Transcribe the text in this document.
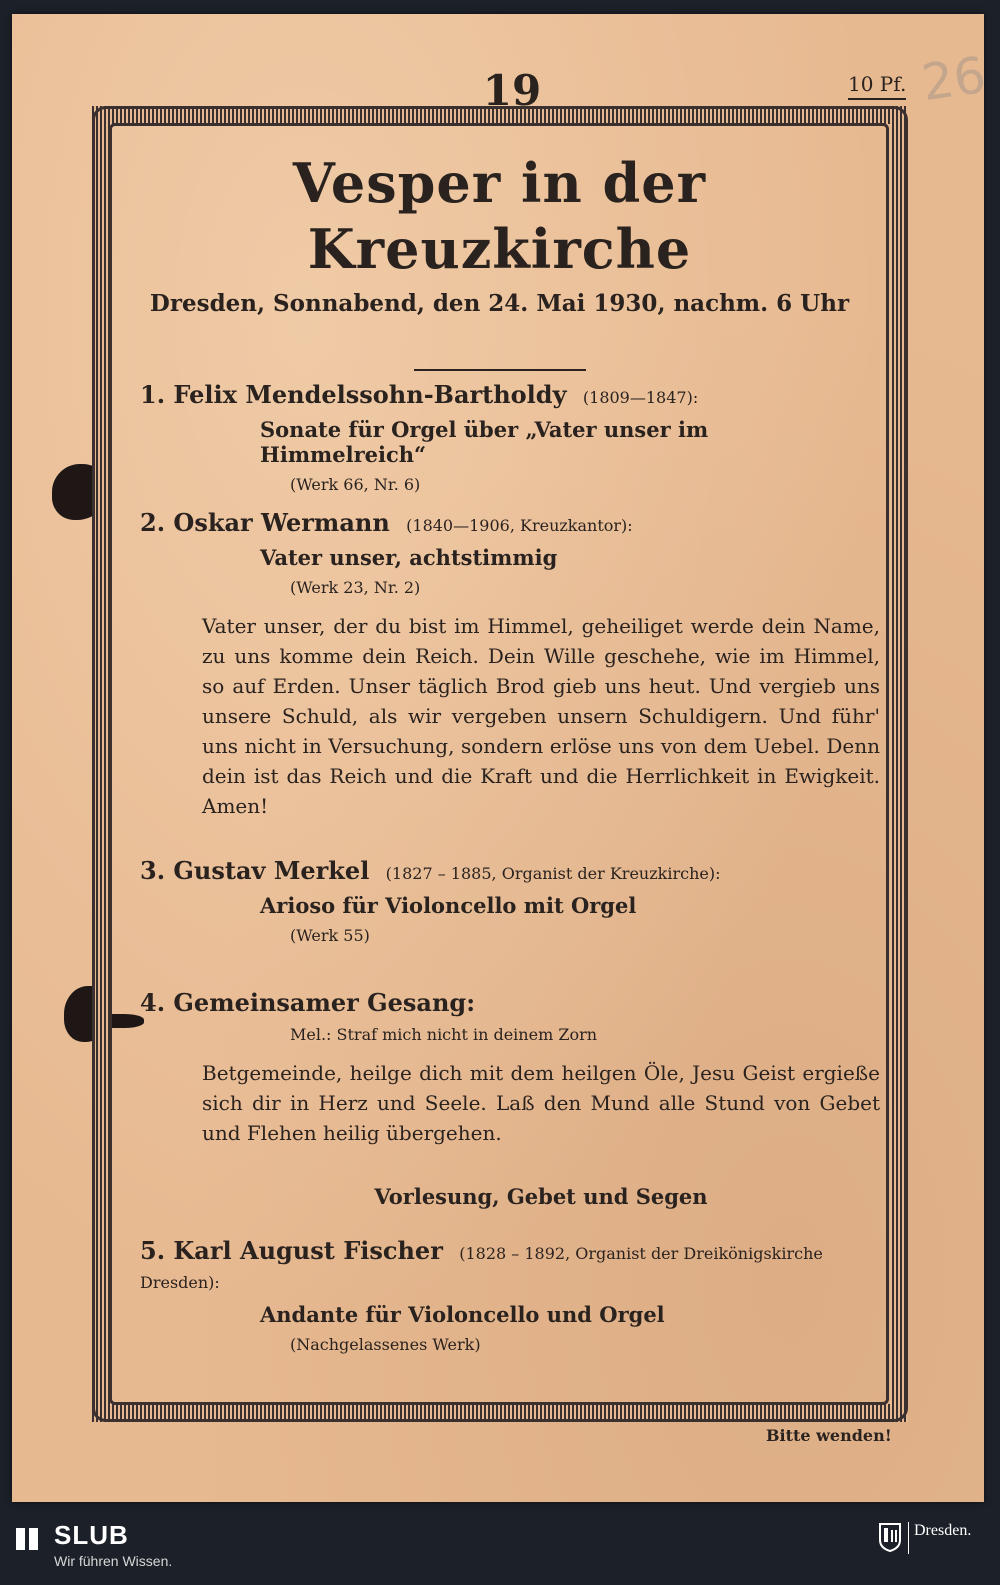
19	10 Pf. 26
Bitte wenden!
Vesper in der Kreuzkirche
Dresden, Sonnabend, den 24. Mai 1930, nachm. 6 Uhr
1. Felix Mendelssohn-Bartholdy (1809—1847):
Sonate für Orgel über „Vater unser im Himmelreich“
(Werk 66, Nr. 6)
2. Oskar Wermann (1840—1906, Kreuzkantor):
Vater unser, achtstimmig
(Werk 23, Nr. 2)
Vater unser, der du bist im Himmel, geheiliget werde dein Name, zu uns komme dein Reich. Dein Wille geschehe, wie im Himmel, so auf Erden. Unser täglich Brod gieb uns heut. Und vergieb uns unsere Schuld, als wir vergeben unsern Schuldigern. Und führ' uns nicht in Versuchung, sondern erlöse uns von dem Uebel. Denn dein ist das Reich und die Kraft und die Herrlichkeit in Ewigkeit. Amen!
3. Gustav Merkel (1827 – 1885, Organist der Kreuzkirche):
Arioso für Violoncello mit Orgel
(Werk 55)
4. Gemeinsamer Gesang:
Mel.: Straf mich nicht in deinem Zorn
Betgemeinde, heilge dich mit dem heilgen Öle, Jesu Geist ergieße sich dir in Herz und Seele. Laß den Mund alle Stund von Gebet und Flehen heilig übergehen.
Vorlesung, Gebet und Segen
5. Karl August Fischer (1828 – 1892, Organist der Dreikönigskirche Dresden):
Andante für Violoncello und Orgel
(Nachgelassenes Werk)
SLUB
Wir führen Wissen.
Dresden.
